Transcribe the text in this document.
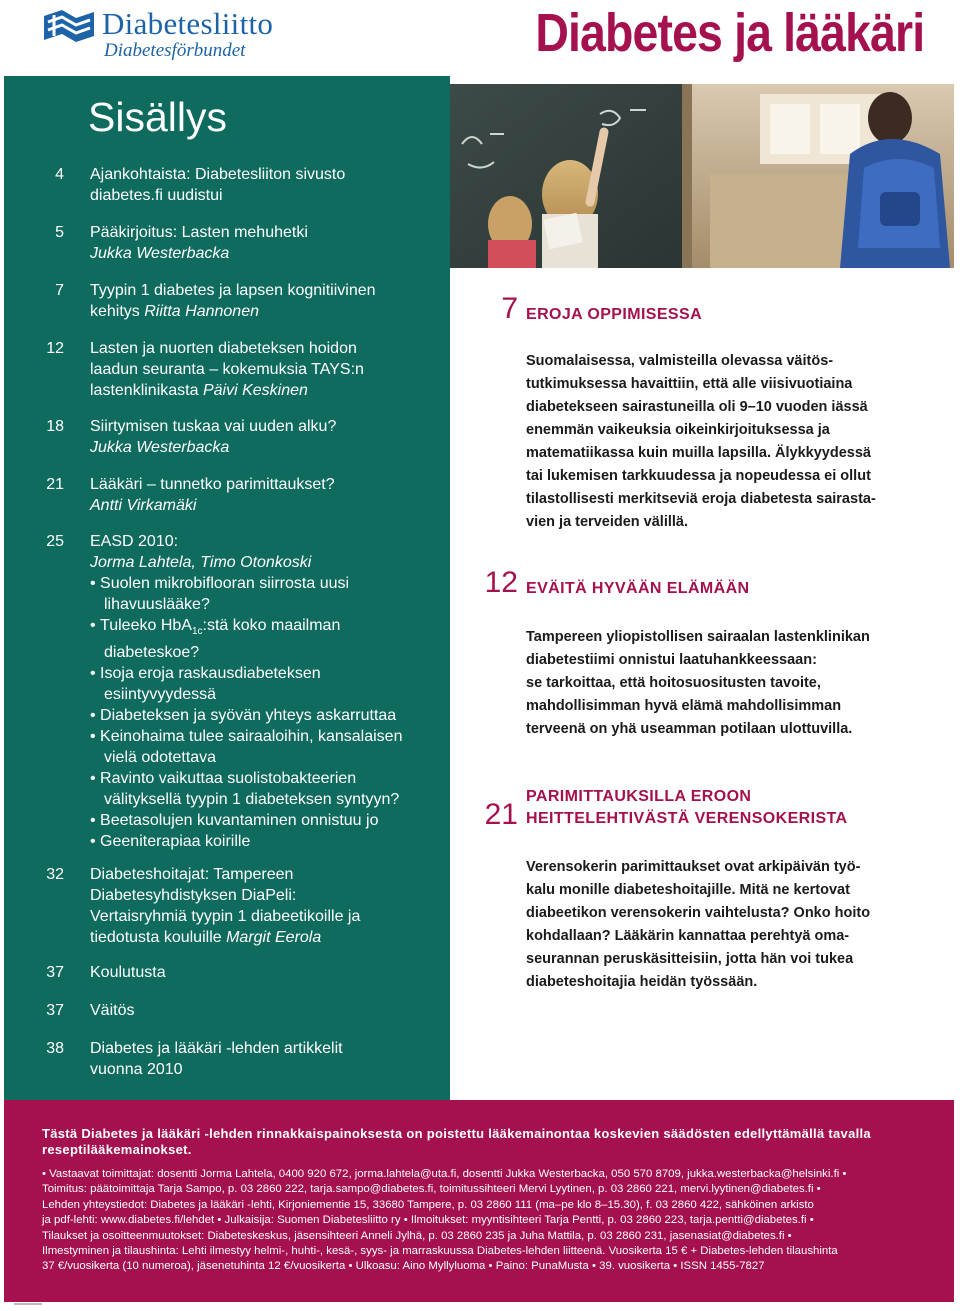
Diabetesliitto
Diabetesförbundet	Diabetes ja lääkäri
Sisällys
4 Ajankohtaista: Diabetesliiton sivusto
diabetes.fi uudistui
5 Pääkirjoitus: Lasten mehuhetki
Jukka Westerbacka
7 Tyypin 1 diabetes ja lapsen kognitiivinen
kehitys Riitta Hannonen
12 Lasten ja nuorten diabeteksen hoidon
laadun seuranta – kokemuksia TAYS:n
lastenklinikasta Päivi Keskinen
18 Siirtymisen tuskaa vai uuden alku?
Jukka Westerbacka
21 Lääkäri – tunnetko parimittaukset?
Antti Virkamäki
25 EASD 2010:
Jorma Lahtela, Timo Otonkoski
• Suolen mikrobiflooran siirrosta uusi
lihavuuslääke?
• Tuleeko HbA$_{1c}$:stä koko maailman
diabeteskoe?
• Isoja eroja raskausdiabeteksen
esiintyvyydessä
• Diabeteksen ja syövän yhteys askarruttaa
• Keinohaima tulee sairaaloihin, kansalaisen
vielä odotettava
• Ravinto vaikuttaa suolistobakteerien
välityksellä tyypin 1 diabeteksen syntyyn?
• Beetasolujen kuvantaminen onnistuu jo
• Geeniterapiaa koirille
32 Diabeteshoitajat: Tampereen
Diabetesyhdistyksen DiaPeli:
Vertaisryhmiä tyypin 1 diabeetikoille ja
tiedotusta kouluille Margit Eerola
37 Koulutusta
37 Väitös
38 Diabetes ja lääkäri -lehden artikkelit
vuonna 2010
7 EROJA OPPIMISESSA
Suomalaisessa, valmisteilla olevassa väitös-
tutkimuksessa havaittiin, että alle viisivuotiaina
diabetekseen sairastuneilla oli 9–10 vuoden iässä
enemmän vaikeuksia oikeinkirjoituksessa ja
matematiikassa kuin muilla lapsilla. Älykkyydessä
tai lukemisen tarkkuudessa ja nopeudessa ei ollut
tilastollisesti merkitseviä eroja diabetesta sairasta-
vien ja terveiden välillä.
12 EVÄITÄ HYVÄÄN ELÄMÄÄN
Tampereen yliopistollisen sairaalan lastenklinikan
diabetestiimi onnistui laatuhankkeessaan:
se tarkoittaa, että hoitosuositusten tavoite,
mahdollisimman hyvä elämä mahdollisimman
terveenä on yhä useamman potilaan ulottuvilla.
21
PARIMITTAUKSILLA EROON
HEITTELEHTIVÄSTÄ VERENSOKERISTA
Verensokerin parimittaukset ovat arkipäivän työ-
kalu monille diabeteshoitajille. Mitä ne kertovat
diabeetikon verensokerin vaihtelusta? Onko hoito
kohdallaan? Lääkärin kannattaa perehtyä oma-
seurannan peruskäsitteisiin, jotta hän voi tukea
diabeteshoitajia heidän työssään.
Tästä Diabetes ja lääkäri -lehden rinnakkaispainoksesta on poistettu lääkemainontaa koskevien säädösten edellyttämällä tavalla
reseptilääkemainokset.
• Vastaavat toimittajat: dosentti Jorma Lahtela, 0400 920 672, jorma.lahtela@uta.fi, dosentti Jukka Westerbacka, 050 570 8709, jukka.westerbacka@helsinki.fi •
Toimitus: päätoimittaja Tarja Sampo, p. 03 2860 222, tarja.sampo@diabetes.fi, toimitussihteeri Mervi Lyytinen, p. 03 2860 221, mervi.lyytinen@diabetes.fi •
Lehden yhteystiedot: Diabetes ja lääkäri -lehti, Kirjoniementie 15, 33680 Tampere, p. 03 2860 111 (ma–pe klo 8–15.30), f. 03 2860 422, sähköinen arkisto
ja pdf-lehti: www.diabetes.fi/lehdet • Julkaisija: Suomen Diabetesliitto ry • Ilmoitukset: myyntisihteeri Tarja Pentti, p. 03 2860 223, tarja.pentti@diabetes.fi •
Tilaukset ja osoitteenmuutokset: Diabeteskeskus, jäsensihteeri Anneli Jylhä, p. 03 2860 235 ja Juha Mattila, p. 03 2860 231, jasenasiat@diabetes.fi •
Ilmestyminen ja tilaushinta: Lehti ilmestyy helmi-, huhti-, kesä-, syys- ja marraskuussa Diabetes-lehden liitteenä. Vuosikerta 15 € + Diabetes-lehden tilaushinta
37 €/vuosikerta (10 numeroa), jäsenetuhinta 12 €/vuosikerta • Ulkoasu: Aino Myllyluoma • Paino: PunaMusta • 39. vuosikerta • ISSN 1455-7827
